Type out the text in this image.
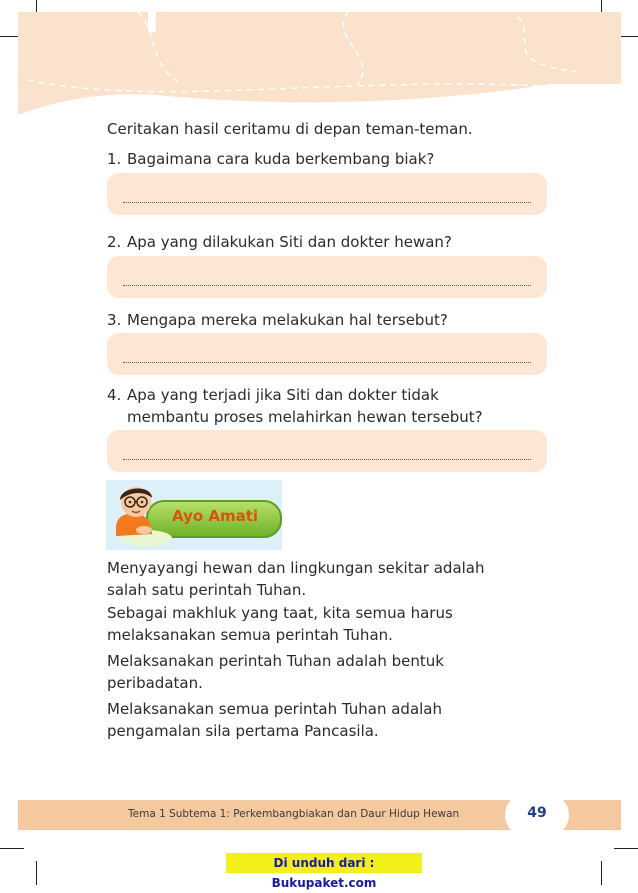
Ceritakan hasil ceritamu di depan teman-teman.
1. Bagaimana cara kuda berkembang biak?
2. Apa yang dilakukan Siti dan dokter hewan?
3. Mengapa mereka melakukan hal tersebut?
4. Apa yang terjadi jika Siti dan dokter tidak
membantu proses melahirkan hewan tersebut?
Ayo Amati
Menyayangi hewan dan lingkungan sekitar adalah
salah satu perintah Tuhan.
Sebagai makhluk yang taat, kita semua harus
melaksanakan semua perintah Tuhan.
Melaksanakan perintah Tuhan adalah bentuk
peribadatan.
Melaksanakan semua perintah Tuhan adalah
pengamalan sila pertama Pancasila.
Tema 1 Subtema 1: Perkembangbiakan dan Daur Hidup Hewan	49
Di unduh dari : Bukupaket.com
